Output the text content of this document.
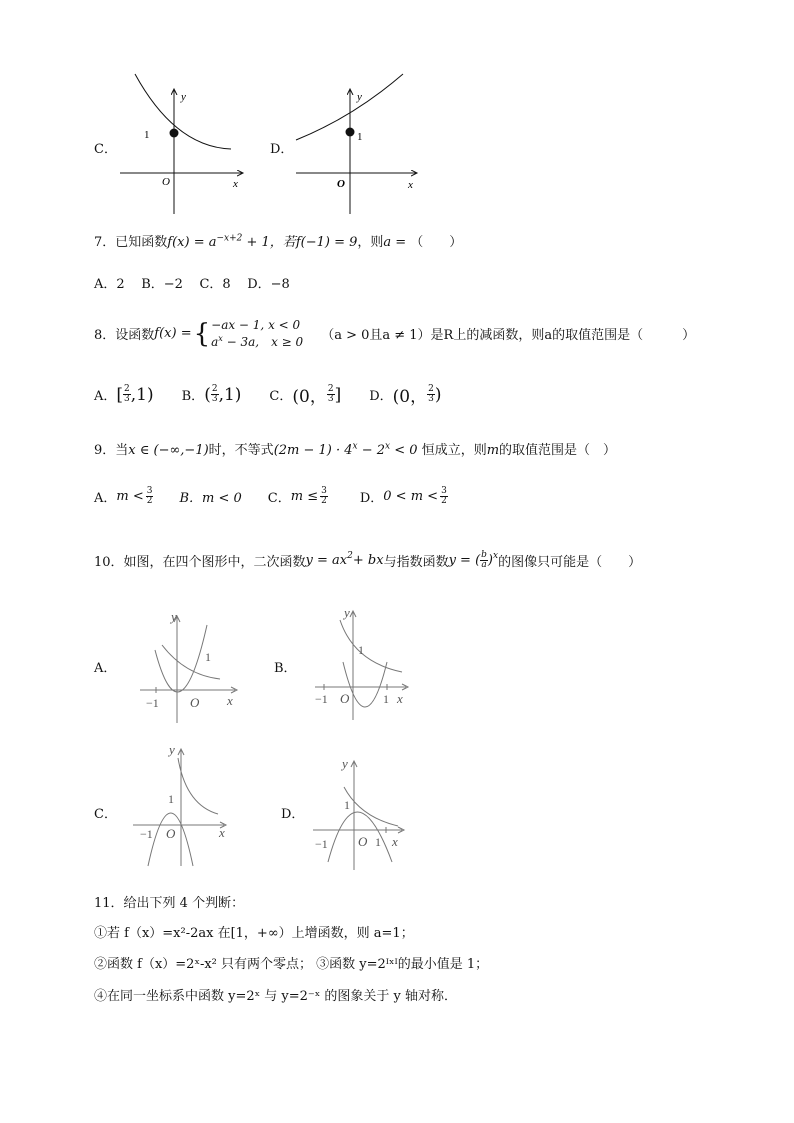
C．
y
x
O
1
D．
y
x
O
1
7．已知函数$f(x) = a^{-x+2} + 1$，若f(−1) = 9，则a = （　　）
A．2 B．−2 C．8 D．−8
8．设函数 f(x) = { −ax − 1, x < 0
$a^x - 3a$,　x ≥ 0 （a > 0且a ≠ 1）是R上的减函数，则a的取值范围是（　　　）
A． [ 2
3 ,1) B． ( 2
3 ,1) C． (0， 2
3 ] D． (0， 2
3 )
9．当x ∈ (−∞,−1)时，不等式$(2m - 1) \cdot 4^x - 2^x < 0$ 恒成立，则m的取值范围是（　）
A． m < 3
2 B．m < 0 C． $m \le \frac{3}{2}$ D． 0 < m < 3
2
10．如图，在四个图形中，二次函数 $y = ax^2$ + bx 与指数函数 y = ( b
a )$^x$ 的图像只可能是（　　）
A．
−1 O x
y
1
B．
−1 O	1 x
y
1
C．
−1 O	x
y
1
D．
−1 O 1 x
y
1
11．给出下列 4 个判断：
①若 f（x）=x²-2ax 在[1，+∞）上增函数，则 a=1；
②函数 f（x）=2ˣ-x² 只有两个零点； ③函数 y=2ᴵˣᴵ的最小值是 1；
④在同一坐标系中函数 y=2ˣ 与 y=2⁻ˣ 的图象关于 y 轴对称．
